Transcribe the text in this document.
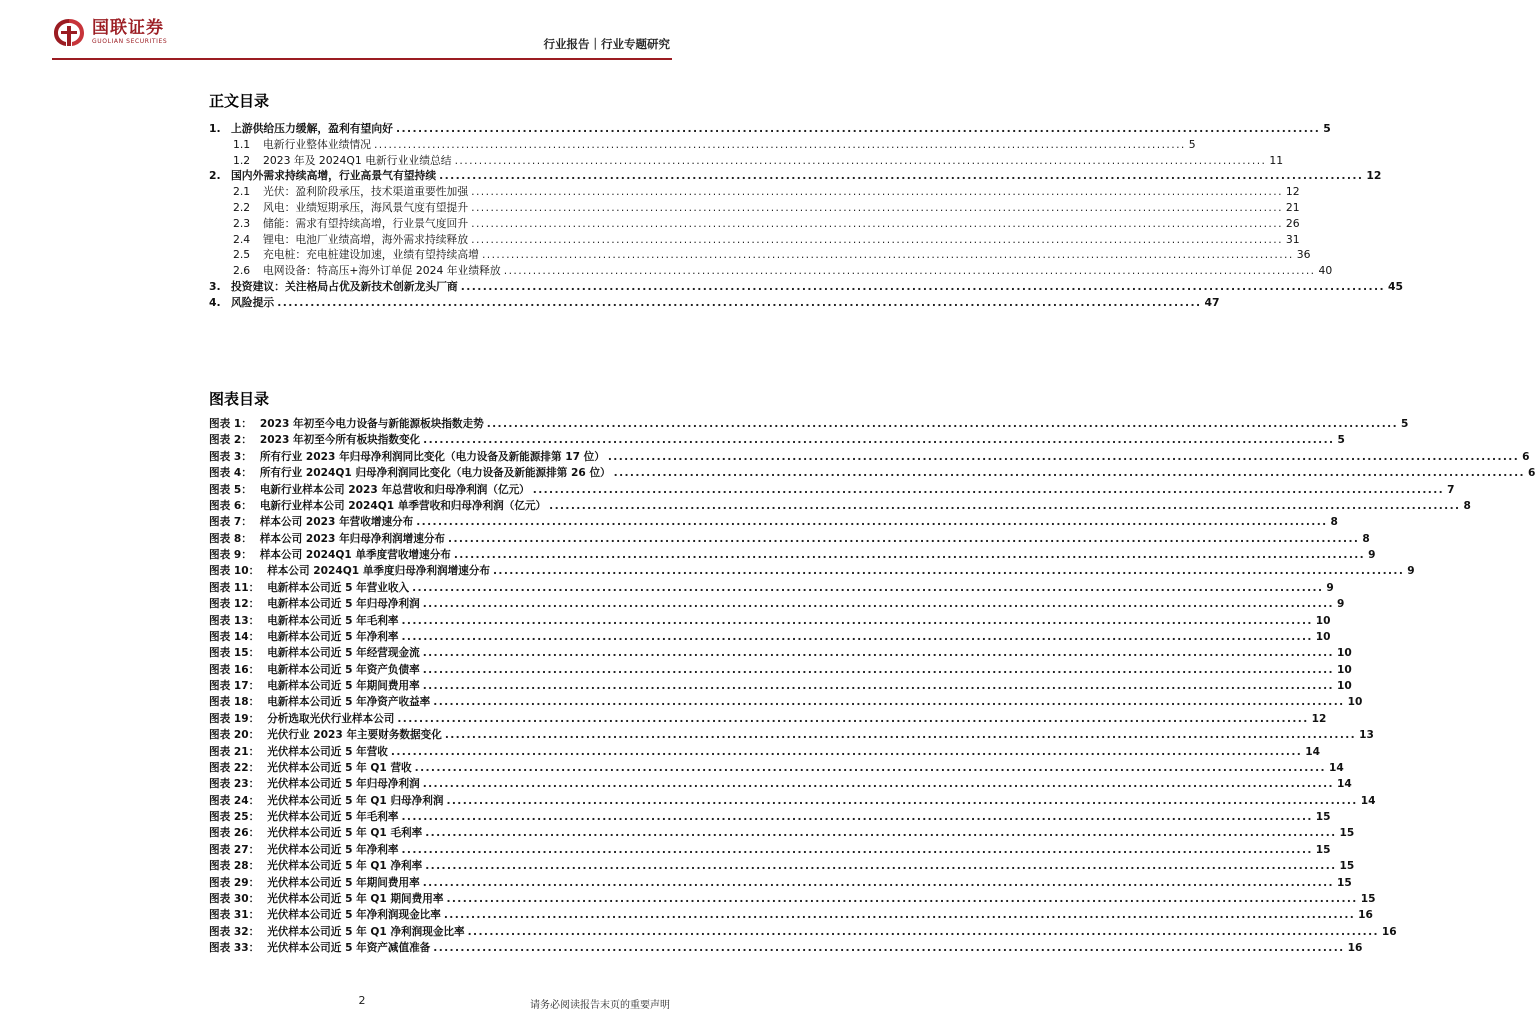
国联证券
GUOLIAN SECURITIES	行业报告｜行业专题研究
正文目录
1. 上游供给压力缓解，盈利有望向好 .....	5
1.1 电新行业整体业绩情况 .....	5
1.2 2023 年及 2024Q1 电新行业业绩总结 .....	11
2. 国内外需求持续高增，行业高景气有望持续 .....	12
2.1 光伏：盈利阶段承压，技术渠道重要性加强 .....	12
2.2 风电：业绩短期承压，海风景气度有望提升 .....	21
2.3 储能：需求有望持续高增，行业景气度回升 .....	26
2.4 锂电：电池厂业绩高增，海外需求持续释放 .....	31
2.5 充电桩：充电桩建设加速，业绩有望持续高增 .....	36
2.6 电网设备：特高压+海外订单促 2024 年业绩释放 .....	40
3. 投资建议：关注格局占优及新技术创新龙头厂商 .....	45
4. 风险提示 .....	47
图表目录
图表 1： 2023 年初至今电力设备与新能源板块指数走势 .....	5
图表 2： 2023 年初至今所有板块指数变化 .....	5
图表 3： 所有行业 2023 年归母净利润同比变化（电力设备及新能源排第 17 位） .....	6
图表 4： 所有行业 2024Q1 归母净利润同比变化（电力设备及新能源排第 26 位） .....	6
图表 5： 电新行业样本公司 2023 年总营收和归母净利润（亿元） .....	7
图表 6： 电新行业样本公司 2024Q1 单季营收和归母净利润（亿元） .....	8
图表 7： 样本公司 2023 年营收增速分布 .....	8
图表 8： 样本公司 2023 年归母净利润增速分布 .....	8
图表 9： 样本公司 2024Q1 单季度营收增速分布 .....	9
图表 10： 样本公司 2024Q1 单季度归母净利润增速分布 .....	9
图表 11： 电新样本公司近 5 年营业收入 .....	9
图表 12： 电新样本公司近 5 年归母净利润 .....	9
图表 13： 电新样本公司近 5 年毛利率 .....	10
图表 14： 电新样本公司近 5 年净利率 .....	10
图表 15： 电新样本公司近 5 年经营现金流 .....	10
图表 16： 电新样本公司近 5 年资产负债率 .....	10
图表 17： 电新样本公司近 5 年期间费用率 .....	10
图表 18： 电新样本公司近 5 年净资产收益率 .....	10
图表 19： 分析选取光伏行业样本公司 .....	12
图表 20： 光伏行业 2023 年主要财务数据变化 .....	13
图表 21： 光伏样本公司近 5 年营收 .....	14
图表 22： 光伏样本公司近 5 年 Q1 营收 .....	14
图表 23： 光伏样本公司近 5 年归母净利润 .....	14
图表 24： 光伏样本公司近 5 年 Q1 归母净利润 .....	14
图表 25： 光伏样本公司近 5 年毛利率 .....	15
图表 26： 光伏样本公司近 5 年 Q1 毛利率 .....	15
图表 27： 光伏样本公司近 5 年净利率 .....	15
图表 28： 光伏样本公司近 5 年 Q1 净利率 .....	15
图表 29： 光伏样本公司近 5 年期间费用率 .....	15
图表 30： 光伏样本公司近 5 年 Q1 期间费用率 .....	15
图表 31： 光伏样本公司近 5 年净利润现金比率 .....	16
图表 32： 光伏样本公司近 5 年 Q1 净利润现金比率 .....	16
图表 33： 光伏样本公司近 5 年资产减值准备 .....	16
2	请务必阅读报告末页的重要声明
